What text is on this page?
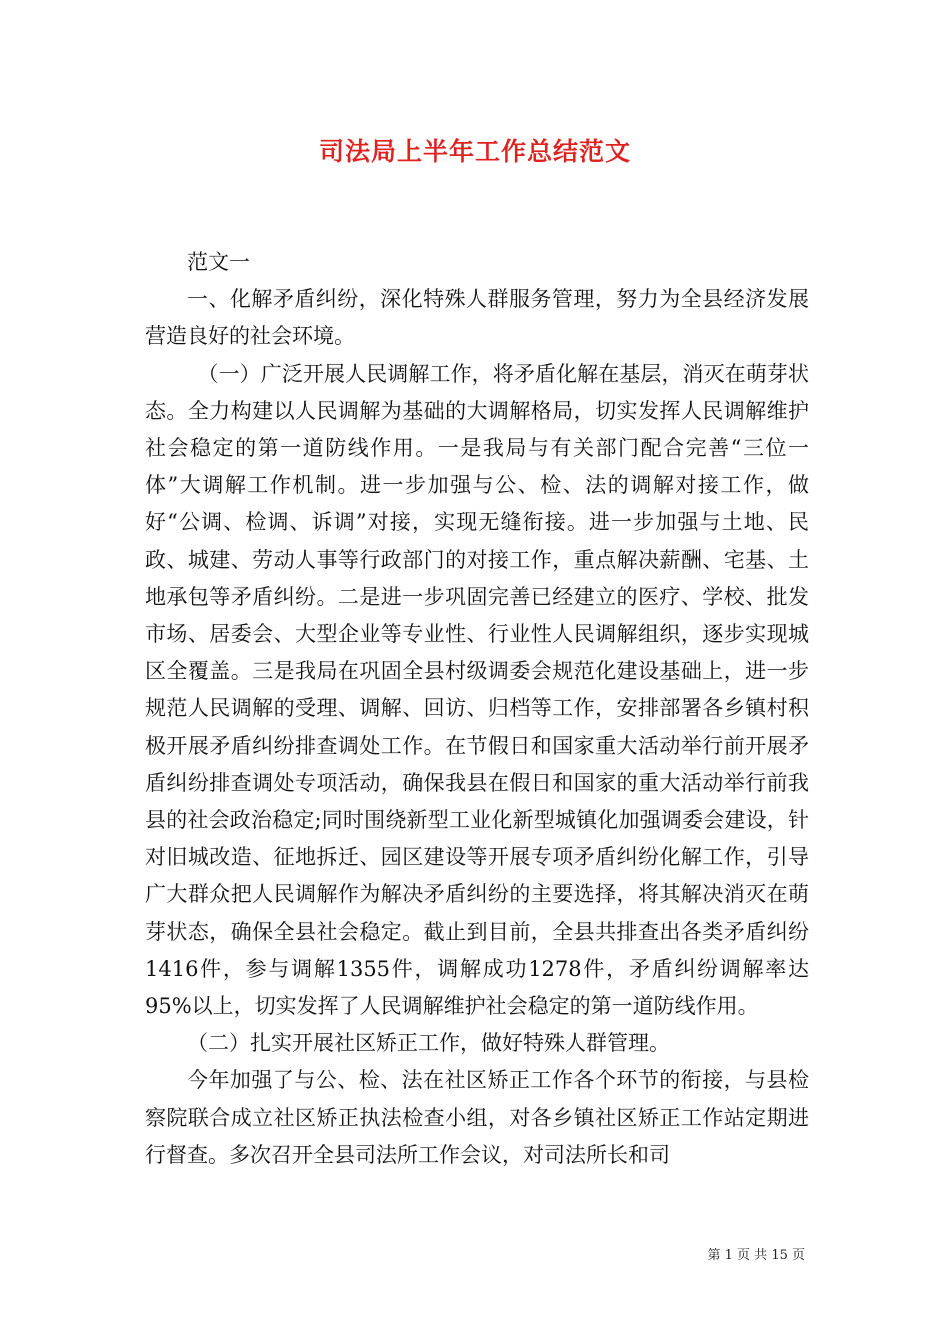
司法局上半年工作总结范文

范文一

一、化解矛盾纠纷，深化特殊人群服务管理，努力为全县经济发展营造良好的社会环境。

（一）广泛开展人民调解工作，将矛盾化解在基层，消灭在萌芽状态。全力构建以人民调解为基础的大调解格局，切实发挥人民调解维护社会稳定的第一道防线作用。一是我局与有关部门配合完善“三位一体”大调解工作机制。进一步加强与公、检、法的调解对接工作，做好“公调、检调、诉调”对接，实现无缝衔接。进一步加强与土地、民政、城建、劳动人事等行政部门的对接工作，重点解决薪酬、宅基、土地承包等矛盾纠纷。二是进一步巩固完善已经建立的医疗、学校、批发市场、居委会、大型企业等专业性、行业性人民调解组织，逐步实现城区全覆盖。三是我局在巩固全县村级调委会规范化建设基础上，进一步规范人民调解的受理、调解、回访、归档等工作，安排部署各乡镇村积极开展矛盾纠纷排查调处工作。在节假日和国家重大活动举行前开展矛盾纠纷排查调处专项活动，确保我县在假日和国家的重大活动举行前我县的社会政治稳定;同时围绕新型工业化新型城镇化加强调委会建设，针对旧城改造、征地拆迁、园区建设等开展专项矛盾纠纷化解工作，引导广大群众把人民调解作为解决矛盾纠纷的主要选择，将其解决消灭在萌芽状态，确保全县社会稳定。截止到目前，全县共排查出各类矛盾纠纷1416件，参与调解1355件，调解成功1278件，矛盾纠纷调解率达95%以上，切实发挥了人民调解维护社会稳定的第一道防线作用。

（二）扎实开展社区矫正工作，做好特殊人群管理。

今年加强了与公、检、法在社区矫正工作各个环节的衔接，与县检察院联合成立社区矫正执法检查小组，对各乡镇社区矫正工作站定期进行督查。多次召开全县司法所工作会议，对司法所长和司

第 1 页 共 15 页
